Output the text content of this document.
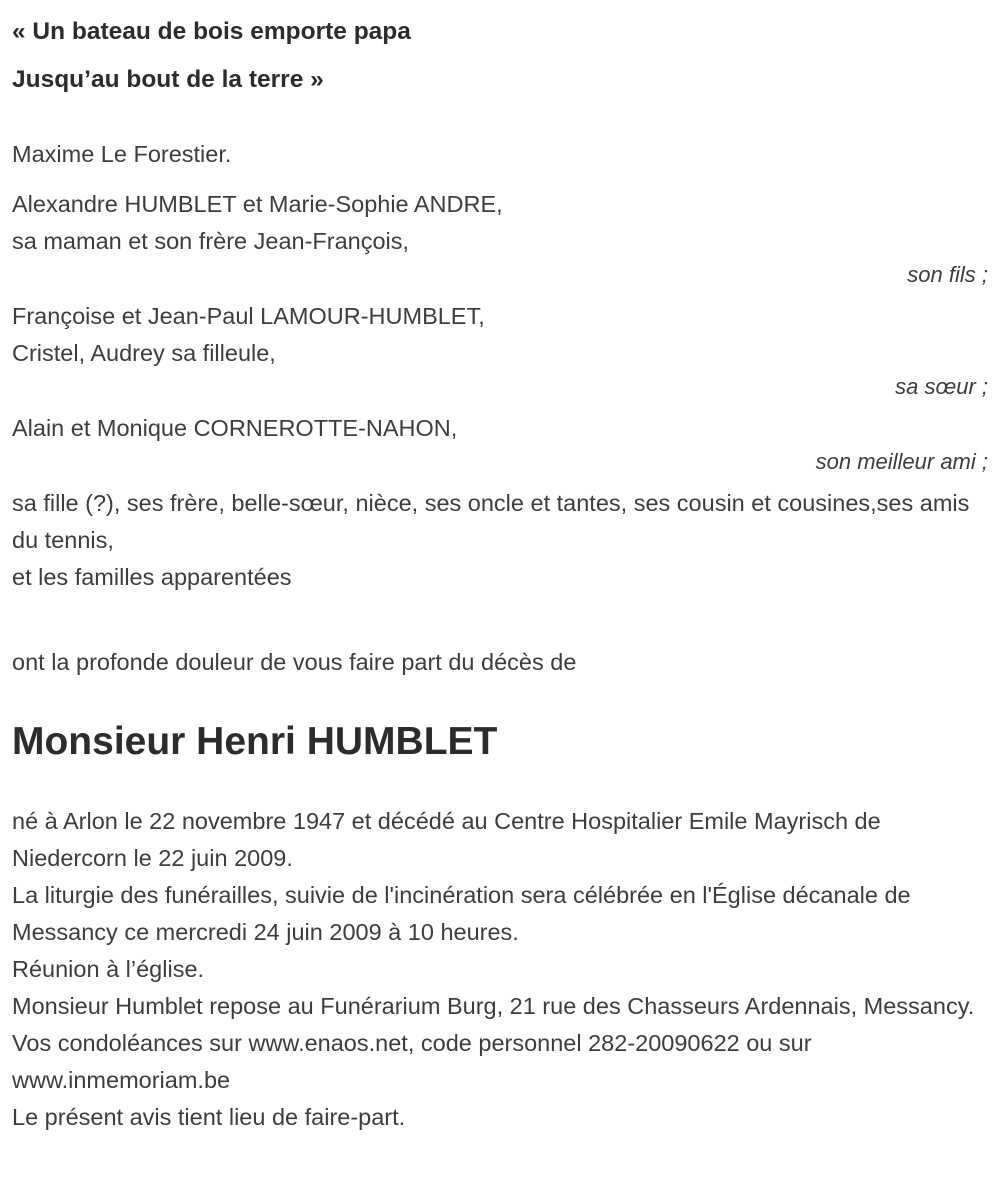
« Un bateau de bois emporte papa

Jusqu’au bout de la terre »

Maxime Le Forestier.

Alexandre HUMBLET et Marie-Sophie ANDRE,

sa maman et son frère Jean-François,

son fils ;

Françoise et Jean-Paul LAMOUR-HUMBLET,

Cristel, Audrey sa filleule,

sa sœur ;

Alain et Monique CORNEROTTE-NAHON,

son meilleur ami ;

sa fille (?), ses frère, belle-sœur, nièce, ses oncle et tantes, ses cousin et cousines,ses amis du tennis,

et les familles apparentées

ont la profonde douleur de vous faire part du décès de

Monsieur Henri HUMBLET

né à Arlon le 22 novembre 1947 et décédé au Centre Hospitalier Emile Mayrisch de Niedercorn le 22 juin 2009.

La liturgie des funérailles, suivie de l'incinération sera célébrée en l'Église décanale de Messancy ce mercredi 24 juin 2009 à 10 heures.

Réunion à l’église.

Monsieur Humblet repose au Funérarium Burg, 21 rue des Chasseurs Ardennais, Messancy.

Vos condoléances sur www.enaos.net, code personnel 282-20090622 ou sur www.inmemoriam.be

Le présent avis tient lieu de faire-part.
